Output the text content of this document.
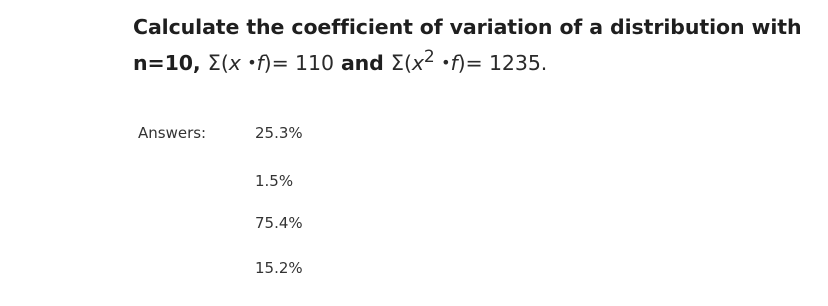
Calculate the coefficient of variation of a distribution with
n=10, Σ(x •f)= 110 and $\Sigma(x^2$ •f)= 1235.
Answers:	25.3%
1.5%
75.4%
15.2%
